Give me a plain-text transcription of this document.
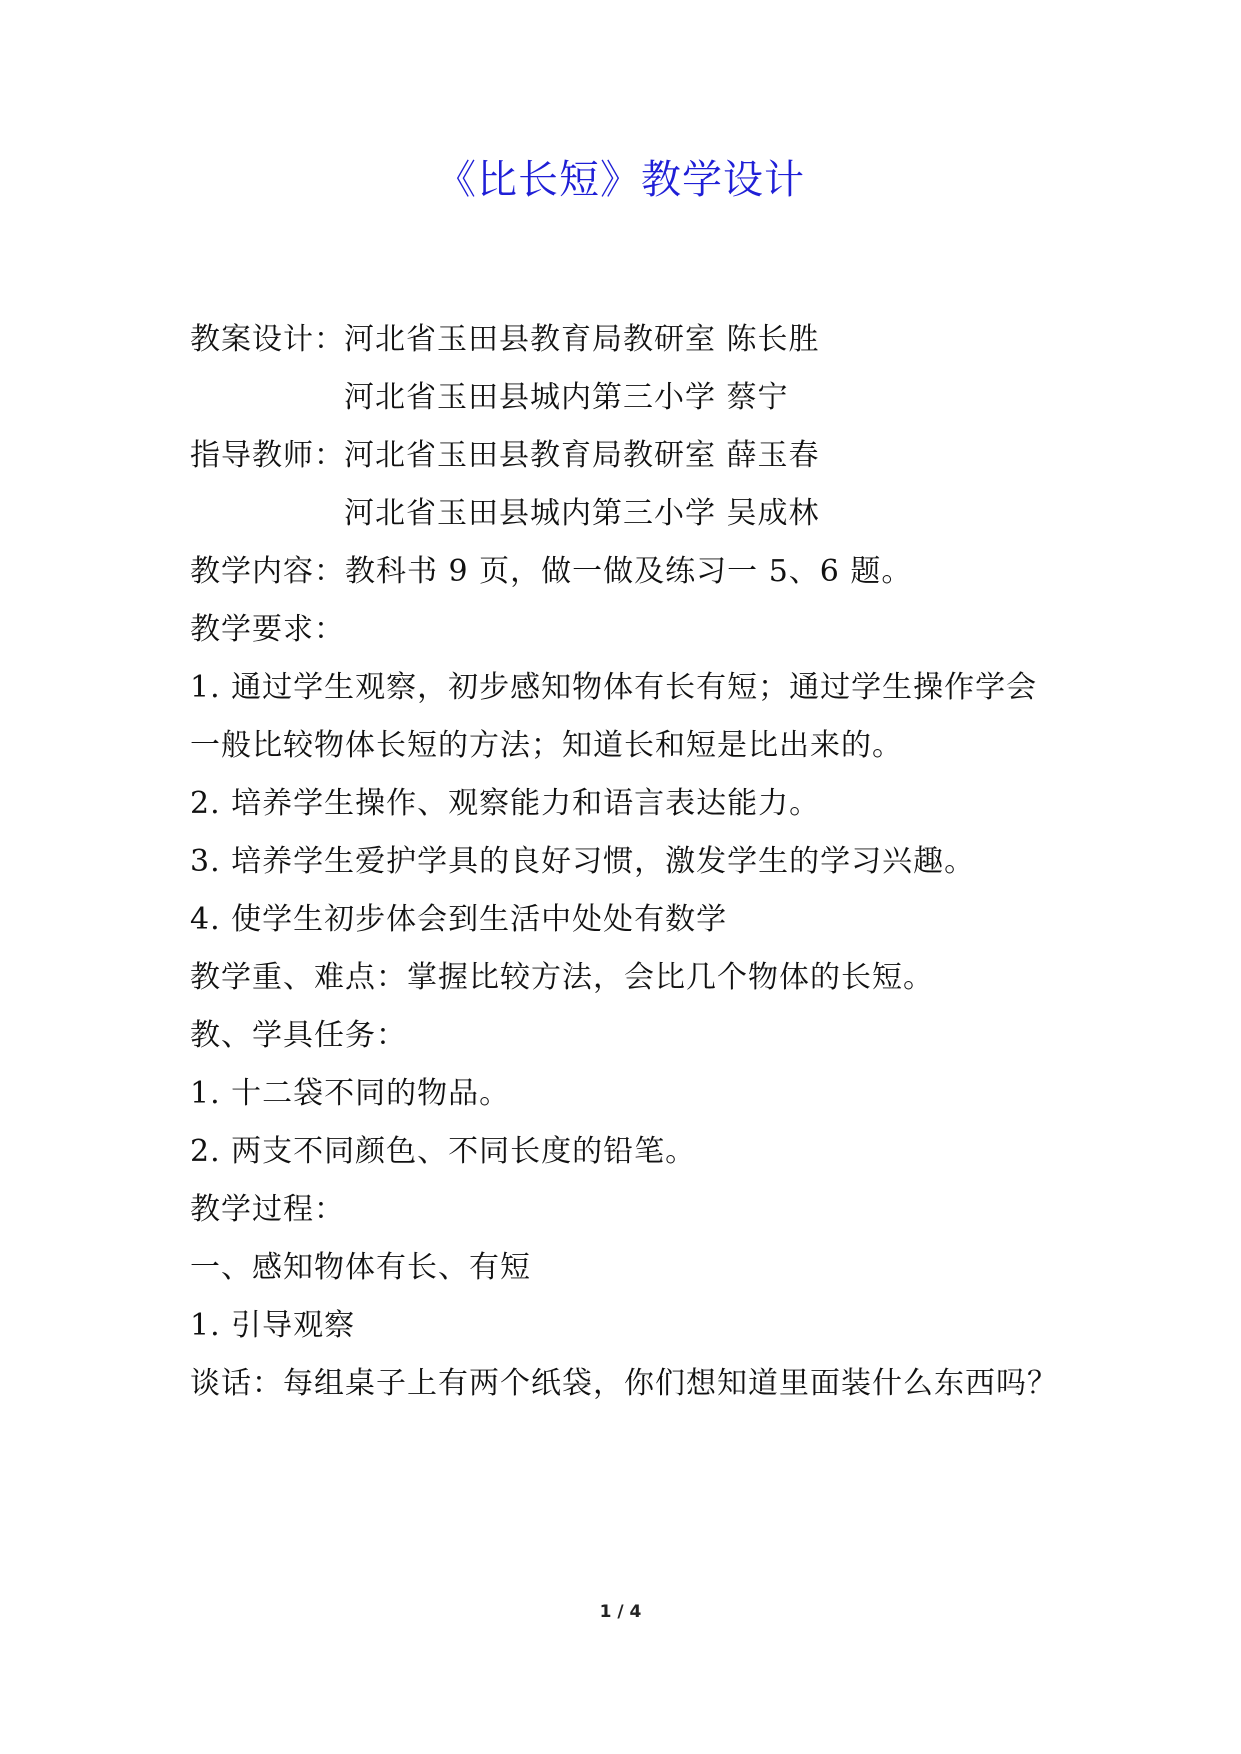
《比长短》教学设计
教案设计：河北省玉田县教育局教研室 陈长胜
河北省玉田县城内第三小学 蔡宁
指导教师：河北省玉田县教育局教研室 薛玉春
河北省玉田县城内第三小学 吴成林
教学内容：教科书 9 页，做一做及练习一 5、6 题。
教学要求：
1. 通过学生观察，初步感知物体有长有短；通过学生操作学会
一般比较物体长短的方法；知道长和短是比出来的。
2. 培养学生操作、观察能力和语言表达能力。
3. 培养学生爱护学具的良好习惯，激发学生的学习兴趣。
4. 使学生初步体会到生活中处处有数学
教学重、难点：掌握比较方法，会比几个物体的长短。
教、学具任务：
1. 十二袋不同的物品。
2. 两支不同颜色、不同长度的铅笔。
教学过程：
一、感知物体有长、有短
1. 引导观察
谈话：每组桌子上有两个纸袋，你们想知道里面装什么东西吗？
1 / 4
